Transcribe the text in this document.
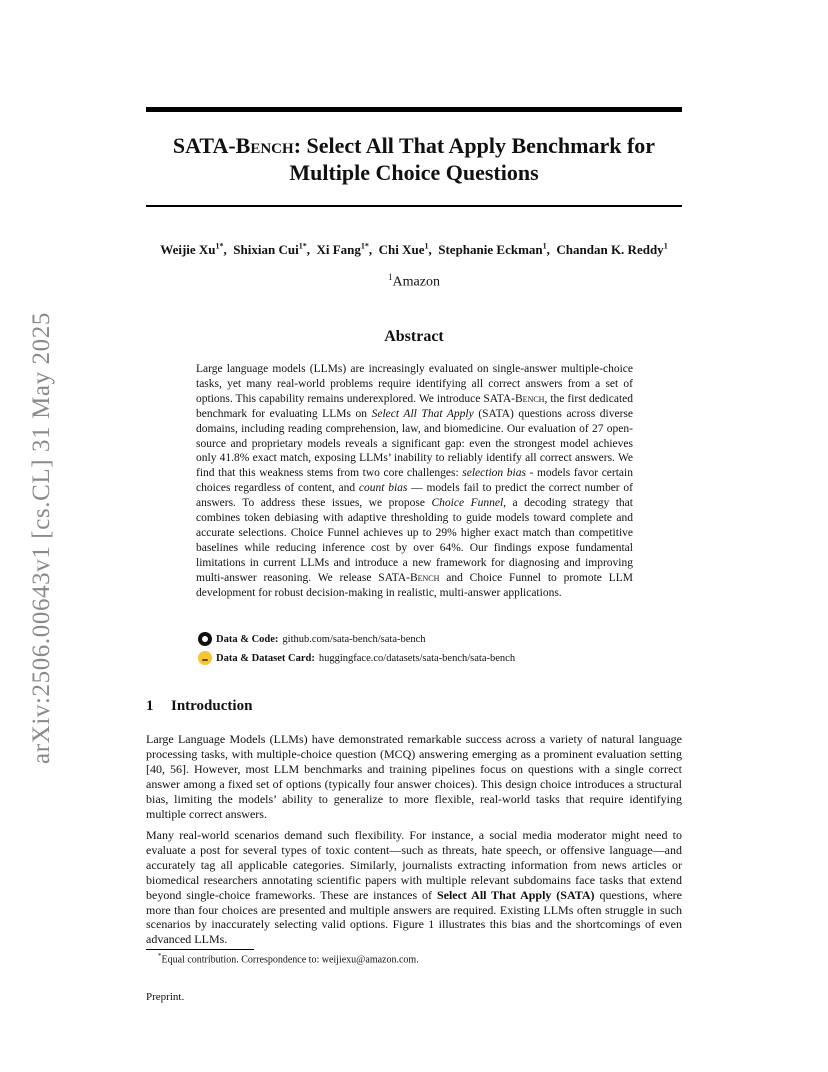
arXiv:2506.00643v1 [cs.CL] 31 May 2025
SATA-Bench: Select All That Apply Benchmark for
Multiple Choice Questions
Weijie $Xu^{1*}$, Shixian Cui$^{1*}$, Xi Fang$^{1*}$, Chi Xue$^1$, Stephanie Eckman$^1$, Chandan K. Reddy$^1$
$^1$Amazon
Abstract

Large language models (LLMs) are increasingly evaluated on single-answer multiple-choice tasks, yet many real-world problems require identifying all correct answers from a set of options. This capability remains underexplored. We introduce SATA-Bench, the first dedicated benchmark for evaluating LLMs on Select All That Apply (SATA) questions across diverse domains, including reading comprehension, law, and biomedicine. Our evaluation of 27 open-source and proprietary models reveals a significant gap: even the strongest model achieves only 41.8% exact match, exposing LLMs’ inability to reliably identify all correct answers. We find that this weakness stems from two core challenges: selection bias - models favor certain choices regardless of content, and count bias — models fail to predict the correct number of answers. To address these issues, we propose Choice Funnel, a decoding strategy that combines token debiasing with adaptive thresholding to guide models toward complete and accurate selections. Choice Funnel achieves up to 29% higher exact match than competitive baselines while reducing inference cost by over 64%. Our findings expose fundamental limitations in current LLMs and introduce a new framework for diagnosing and improving multi-answer reasoning. We release SATA-Bench and Choice Funnel to promote LLM development for robust decision-making in realistic, multi-answer applications.

Data & Code: github.com/sata-bench/sata-bench
Data & Dataset Card: huggingface.co/datasets/sata-bench/sata-bench
1 Introduction

Large Language Models (LLMs) have demonstrated remarkable success across a variety of natural language processing tasks, with multiple-choice question (MCQ) answering emerging as a prominent evaluation setting [40, 56]. However, most LLM benchmarks and training pipelines focus on questions with a single correct answer among a fixed set of options (typically four answer choices). This design choice introduces a structural bias, limiting the models’ ability to generalize to more flexible, real-world tasks that require identifying multiple correct answers.

Many real-world scenarios demand such flexibility. For instance, a social media moderator might need to evaluate a post for several types of toxic content—such as threats, hate speech, or offensive language—and accurately tag all applicable categories. Similarly, journalists extracting information from news articles or biomedical researchers annotating scientific papers with multiple relevant subdomains face tasks that extend beyond single-choice frameworks. These are instances of Select All That Apply (SATA) questions, where more than four choices are presented and multiple answers are required. Existing LLMs often struggle in such scenarios by inaccurately selecting valid options. Figure 1 illustrates this bias and the shortcomings of even advanced LLMs.

*Equal contribution. Correspondence to: weijiexu@amazon.com.
Preprint.
